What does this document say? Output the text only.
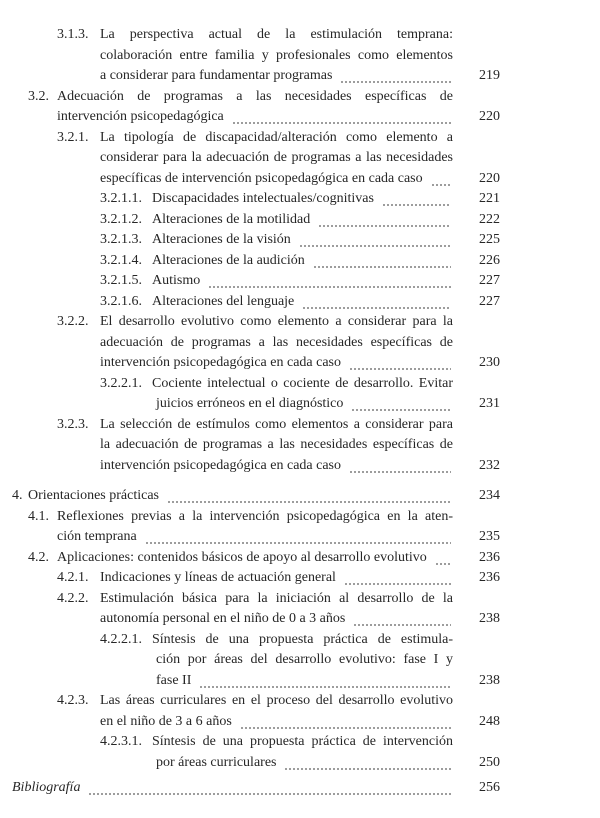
3.1.3. La perspectiva actual de la estimulación temprana:
colaboración entre familia y profesionales como elementos
219
a considerar para fundamentar programas
3.2. Adecuación de programas a las necesidades específicas de
220
intervención psicopedagógica
3.2.1. La tipología de discapacidad/alteración como elemento a
considerar para la adecuación de programas a las necesidades
220
específicas de intervención psicopedagógica en cada caso
221
3.2.1.1. Discapacidades intelectuales/cognitivas
222
3.2.1.2. Alteraciones de la motilidad
225
3.2.1.3. Alteraciones de la visión
226
3.2.1.4. Alteraciones de la audición
227
3.2.1.5. Autismo
227
3.2.1.6. Alteraciones del lenguaje
3.2.2. El desarrollo evolutivo como elemento a considerar para la
adecuación de programas a las necesidades específicas de
230
intervención psicopedagógica en cada caso
3.2.2.1. Cociente intelectual o cociente de desarrollo. Evitar
231
juicios erróneos en el diagnóstico
3.2.3. La selección de estímulos como elementos a considerar para
la adecuación de programas a las necesidades específicas de
232
intervención psicopedagógica en cada caso
234
4. Orientaciones prácticas
4.1. Reflexiones previas a la intervención psicopedagógica en la aten-
235
ción temprana
236
4.2. Aplicaciones: contenidos básicos de apoyo al desarrollo evolutivo
236
4.2.1. Indicaciones y líneas de actuación general
4.2.2. Estimulación básica para la iniciación al desarrollo de la
238
autonomía personal en el niño de 0 a 3 años
4.2.2.1. Síntesis de una propuesta práctica de estimula-
ción por áreas del desarrollo evolutivo: fase I y
238
fase II
4.2.3. Las áreas curriculares en el proceso del desarrollo evolutivo
248
en el niño de 3 a 6 años
4.2.3.1. Síntesis de una propuesta práctica de intervención
250
por áreas curriculares
256
Bibliografía
